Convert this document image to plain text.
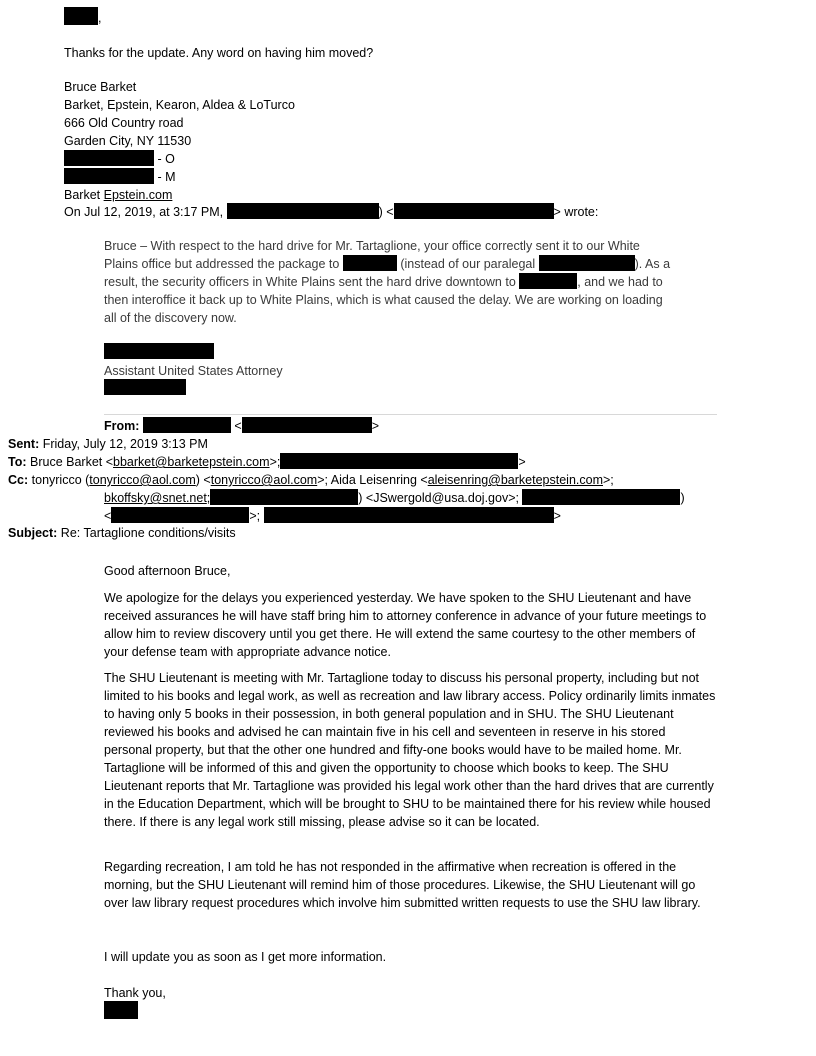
,
Thanks for the update. Any word on having him moved?
Bruce Barket
Barket, Epstein, Kearon, Aldea & LoTurco
666 Old Country road
Garden City, NY 11530
- O
- M
Barket Epstein.com
On Jul 12, 2019, at 3:17 PM,	) <	> wrote:
Bruce – With respect to the hard drive for Mr. Tartaglione, your office correctly sent it to our White
Plains office but addressed the package to	(instead of our paralegal	). As a
result, the security officers in White Plains sent the hard drive downtown to	, and we had to
then interoffice it back up to White Plains, which is what caused the delay. We are working on loading
all of the discovery now.
Assistant United States Attorney
From:	<	>
Sent: Friday, July 12, 2019 3:13 PM
To: Bruce Barket <bbarket@barketepstein.com>;	>
Cc: tonyricco (tonyricco@aol.com) <tonyricco@aol.com>; Aida Leisenring <aleisenring@barketepstein.com>;
bkoffsky@snet.net;	) <JSwergold@usa.doj.gov>;	)
<	>;	>
Subject: Re: Tartaglione conditions/visits
Good afternoon Bruce,
We apologize for the delays you experienced yesterday. We have spoken to the SHU Lieutenant and have received assurances he will have staff bring him to attorney conference in advance of your future meetings to allow him to review discovery until you get there. He will extend the same courtesy to the other members of your defense team with appropriate advance notice.
The SHU Lieutenant is meeting with Mr. Tartaglione today to discuss his personal property, including but not limited to his books and legal work, as well as recreation and law library access. Policy ordinarily limits inmates to having only 5 books in their possession, in both general population and in SHU. The SHU Lieutenant reviewed his books and advised he can maintain five in his cell and seventeen in reserve in his stored personal property, but that the other one hundred and fifty-one books would have to be mailed home. Mr. Tartaglione will be informed of this and given the opportunity to choose which books to keep. The SHU Lieutenant reports that Mr. Tartaglione was provided his legal work other than the hard drives that are currently in the Education Department, which will be brought to SHU to be maintained there for his review while housed there. If there is any legal work still missing, please advise so it can be located.
Regarding recreation, I am told he has not responded in the affirmative when recreation is offered in the morning, but the SHU Lieutenant will remind him of those procedures. Likewise, the SHU Lieutenant will go over law library request procedures which involve him submitted written requests to use the SHU law library.
I will update you as soon as I get more information.
Thank you,
